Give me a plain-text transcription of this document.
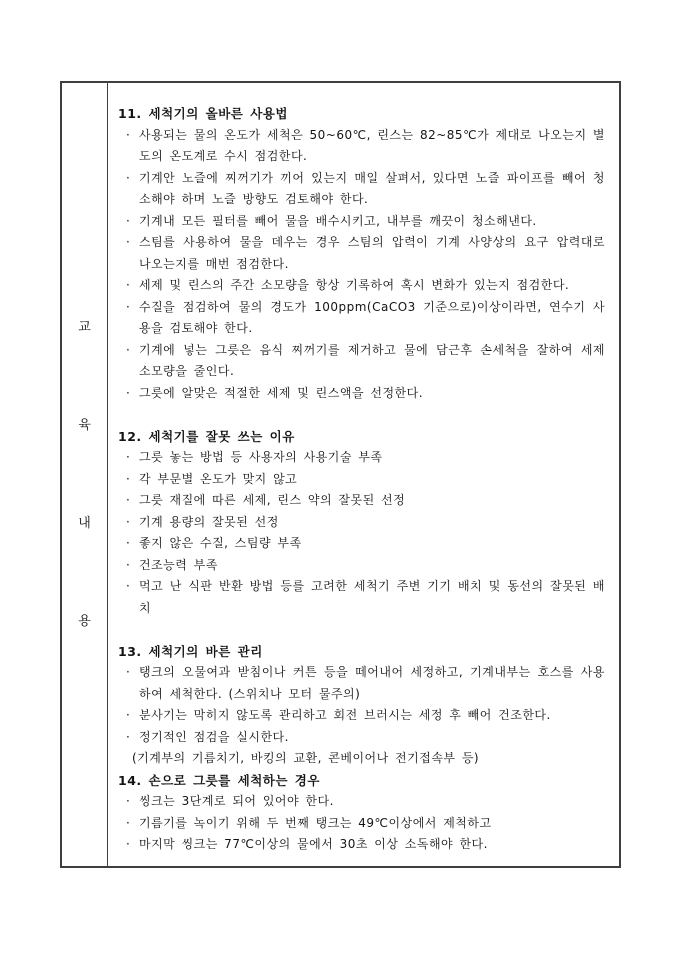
교
육
내
용
11. 세척기의 올바른 사용법
· 사용되는 물의 온도가 세척은 50~60℃, 린스는 82~85℃가 제대로 나오는지 별도의 온도계로 수시 점검한다.
· 기계안 노즐에 찌꺼기가 끼어 있는지 매일 살펴서, 있다면 노즐 파이프를 빼어 청소해야 하며 노즐 방향도 검토해야 한다.
· 기계내 모든 필터를 빼어 물을 배수시키고, 내부를 깨끗이 청소해낸다.
· 스팀를 사용하여 물을 데우는 경우 스팀의 압력이 기계 사양상의 요구 압력대로 나오는지를 매번 점검한다.
· 세제 및 린스의 주간 소모량을 항상 기록하여 혹시 변화가 있는지 점검한다.
· 수질을 점검하여 물의 경도가 100ppm(CaCO3 기준으로)이상이라면, 연수기 사용을 검토해야 한다.
· 기계에 넣는 그릇은 음식 찌꺼기를 제거하고 물에 담근후 손세척을 잘하여 세제 소모량을 줄인다.
· 그릇에 알맞은 적절한 세제 및 린스액을 선정한다.
12. 세척기를 잘못 쓰는 이유
· 그릇 놓는 방법 등 사용자의 사용기술 부족
· 각 부문별 온도가 맞지 않고
· 그릇 재질에 따른 세제, 린스 약의 잘못된 선정
· 기계 용량의 잘못된 선정
· 좋지 않은 수질, 스팀량 부족
· 건조능력 부족
· 먹고 난 식판 반환 방법 등를 고려한 세척기 주변 기기 배치 및 동선의 잘못된 배치
13. 세척기의 바른 관리
· 탱크의 오물여과 받침이나 커튼 등을 떼어내어 세정하고, 기계내부는 호스를 사용하여 세척한다. (스위치나 모터 물주의)
· 분사기는 막히지 않도록 관리하고 회전 브러시는 세정 후 빼어 건조한다.
· 정기적인 점검을 실시한다.
(기계부의 기름치기, 바킹의 교환, 콘베이어나 전기접속부 등)
14. 손으로 그릇를 세척하는 경우
· 씽크는 3단계로 되어 있어야 한다.
· 기름기를 녹이기 위해 두 번째 탱크는 49℃이상에서 제척하고
· 마지막 씽크는 77℃이상의 물에서 30초 이상 소독해야 한다.
